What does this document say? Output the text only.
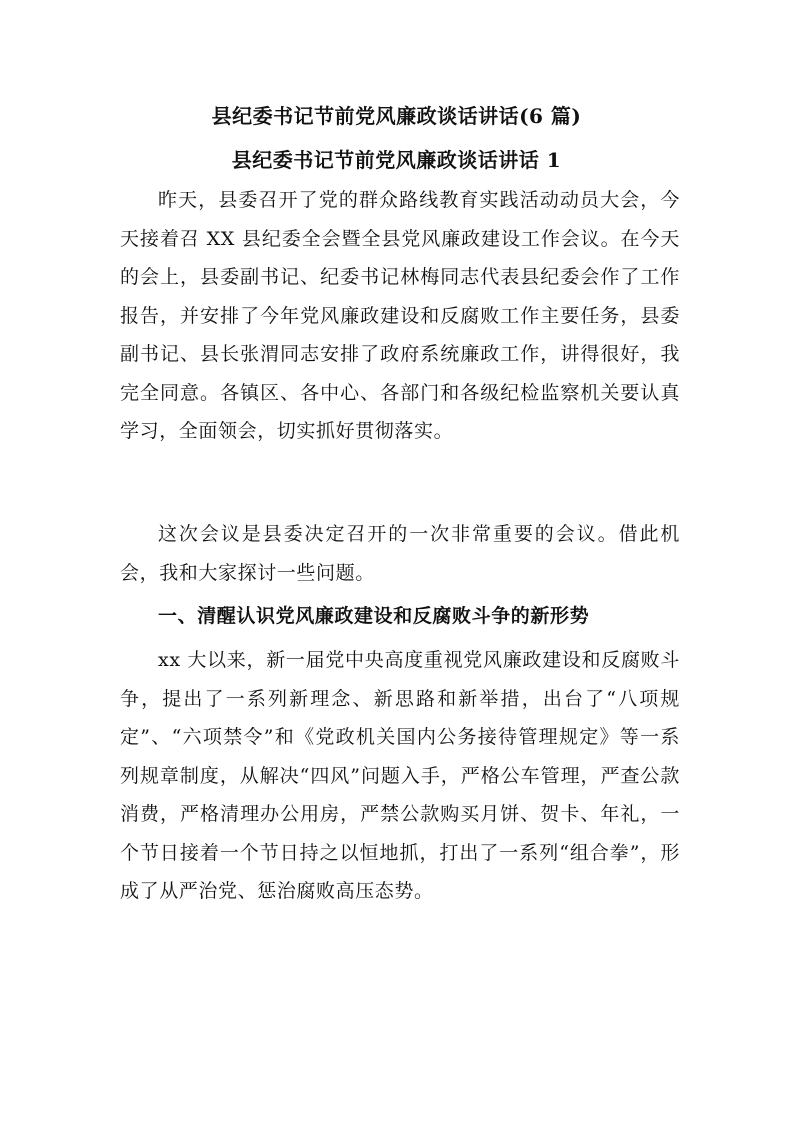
县纪委书记节前党风廉政谈话讲话(6 篇)
县纪委书记节前党风廉政谈话讲话 1

昨天，县委召开了党的群众路线教育实践活动动员大会，今天接着召 XX 县纪委全会暨全县党风廉政建设工作会议。在今天的会上，县委副书记、纪委书记林梅同志代表县纪委会作了工作报告，并安排了今年党风廉政建设和反腐败工作主要任务，县委副书记、县长张渭同志安排了政府系统廉政工作，讲得很好，我完全同意。各镇区、各中心、各部门和各级纪检监察机关要认真学习，全面领会，切实抓好贯彻落实。

这次会议是县委决定召开的一次非常重要的会议。借此机会，我和大家探讨一些问题。

一、清醒认识党风廉政建设和反腐败斗争的新形势

xx 大以来，新一届党中央高度重视党风廉政建设和反腐败斗争，提出了一系列新理念、新思路和新举措，出台了“八项规定”、“六项禁令”和《党政机关国内公务接待管理规定》等一系列规章制度，从解决“四风”问题入手，严格公车管理，严查公款消费，严格清理办公用房，严禁公款购买月饼、贺卡、年礼，一个节日接着一个节日持之以恒地抓，打出了一系列“组合拳”，形成了从严治党、惩治腐败高压态势。
